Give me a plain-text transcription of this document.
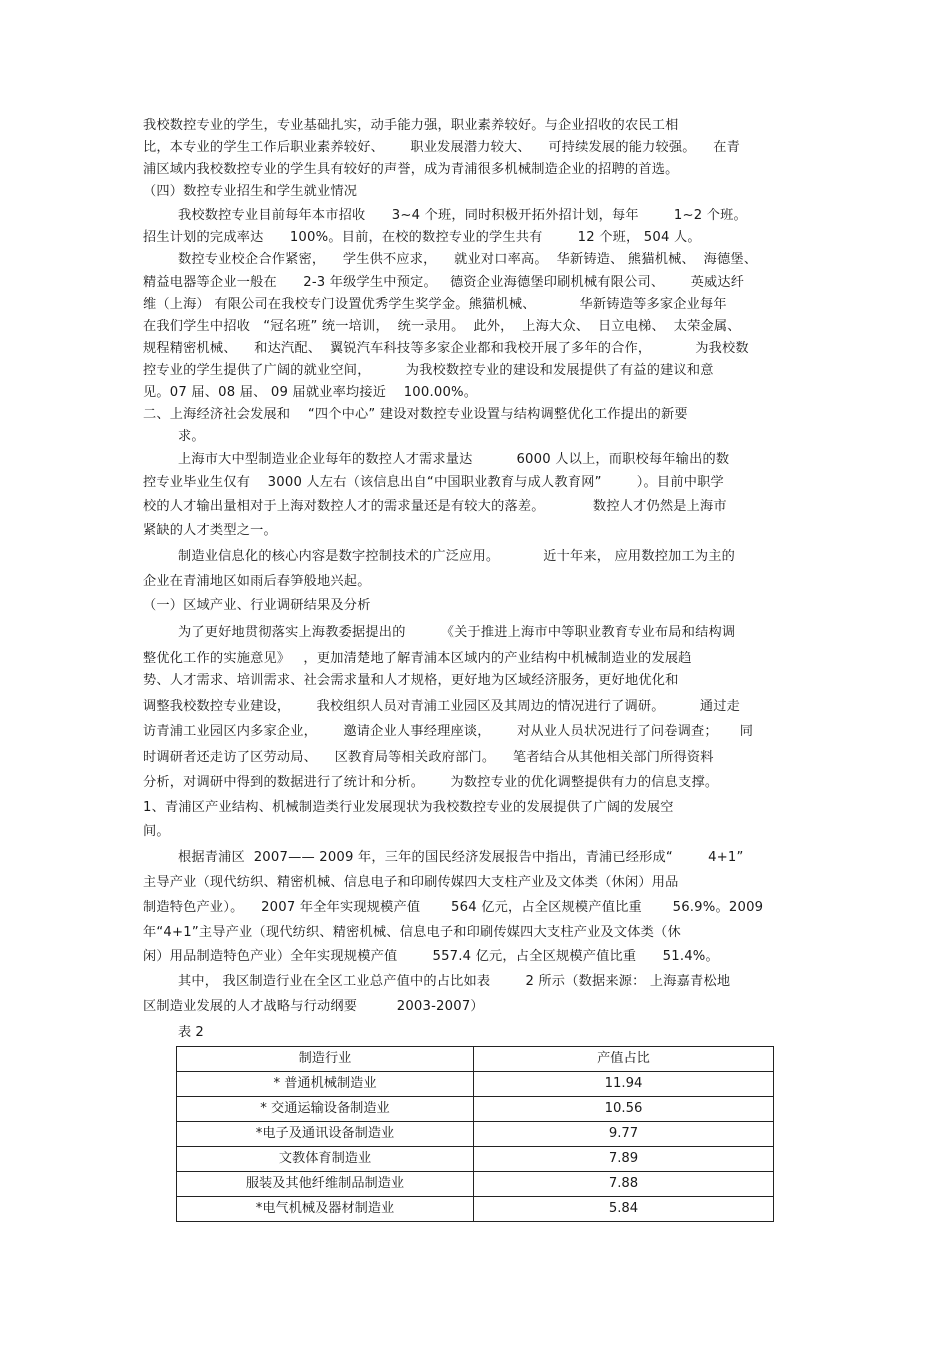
我校数控专业的学生，专业基础扎实，动手能力强，职业素养较好。与企业招收的农民工相
比，本专业的学生工作后职业素养较好、      职业发展潜力较大、    可持续发展的能力较强。    在青
浦区域内我校数控专业的学生具有较好的声誉，成为青浦很多机械制造企业的招聘的首选。
（四）数控专业招生和学生就业情况
我校数控专业目前每年本市招收      3~4 个班，同时积极开拓外招计划，每年        1~2 个班。
招生计划的完成率达      100%。目前，在校的数控专业的学生共有        12 个班， 504 人。
数控专业校企合作紧密，    学生供不应求，    就业对口率高。  华新铸造、 熊猫机械、  海德堡、
精益电器等企业一般在      2-3 年级学生中预定。   德资企业海德堡印刷机械有限公司、      英威达纤
维（上海） 有限公司在我校专门设置优秀学生奖学金。熊猫机械、          华新铸造等多家企业每年
在我们学生中招收   “冠名班” 统一培训，  统一录用。  此外，  上海大众、  日立电梯、  太荣金属、
规程精密机械、    和达汽配、  翼锐汽车科技等多家企业都和我校开展了多年的合作，          为我校数
控专业的学生提供了广阔的就业空间，        为我校数控专业的建设和发展提供了有益的建议和意
见。07 届、08 届、 09 届就业率均接近    100.00%。
二、上海经济社会发展和    “四个中心” 建设对数控专业设置与结构调整优化工作提出的新要
求。
上海市大中型制造业企业每年的数控人才需求量达          6000 人以上，而职校每年输出的数
控专业毕业生仅有    3000 人左右（该信息出自“中国职业教育与成人教育网”        ）。目前中职学
校的人才输出量相对于上海对数控人才的需求量还是有较大的落差。           数控人才仍然是上海市
紧缺的人才类型之一。
制造业信息化的核心内容是数字控制技术的广泛应用。          近十年来， 应用数控加工为主的
企业在青浦地区如雨后春笋般地兴起。
（一）区域产业、行业调研结果及分析
为了更好地贯彻落实上海教委据提出的        《关于推进上海市中等职业教育专业布局和结构调
整优化工作的实施意见》   ，更加清楚地了解青浦本区域内的产业结构中机械制造业的发展趋
势、人才需求、培训需求、社会需求量和人才规格，更好地为区域经济服务，更好地优化和
调整我校数控专业建设，      我校组织人员对青浦工业园区及其周边的情况进行了调研。        通过走
访青浦工业园区内多家企业，      邀请企业人事经理座谈，      对从业人员状况进行了问卷调查；     同
时调研者还走访了区劳动局、    区教育局等相关政府部门。    笔者结合从其他相关部门所得资料
分析，对调研中得到的数据进行了统计和分析。      为数控专业的优化调整提供有力的信息支撑。
1、青浦区产业结构、机械制造类行业发展现状为我校数控专业的发展提供了广阔的发展空
间。
根据青浦区  2007—— 2009 年，三年的国民经济发展报告中指出，青浦已经形成“        4+1”
主导产业（现代纺织、精密机械、信息电子和印刷传媒四大支柱产业及文体类（休闲）用品
制造特色产业）。    2007 年全年实现规模产值       564 亿元，占全区规模产值比重       56.9%。2009
年“4+1”主导产业（现代纺织、精密机械、信息电子和印刷传媒四大支柱产业及文体类（休
闲）用品制造特色产业）全年实现规模产值        557.4 亿元，占全区规模产值比重      51.4%。
其中， 我区制造行业在全区工业总产值中的占比如表        2 所示（数据来源： 上海嘉青松地
区制造业发展的人才战略与行动纲要         2003-2007）
表 2
制造行业	产值占比
* 普通机械制造业	11.94
* 交通运输设备制造业	10.56
*电子及通讯设备制造业	9.77
文教体育制造业	7.89
服装及其他纤维制品制造业	7.88
*电气机械及器材制造业	5.84
